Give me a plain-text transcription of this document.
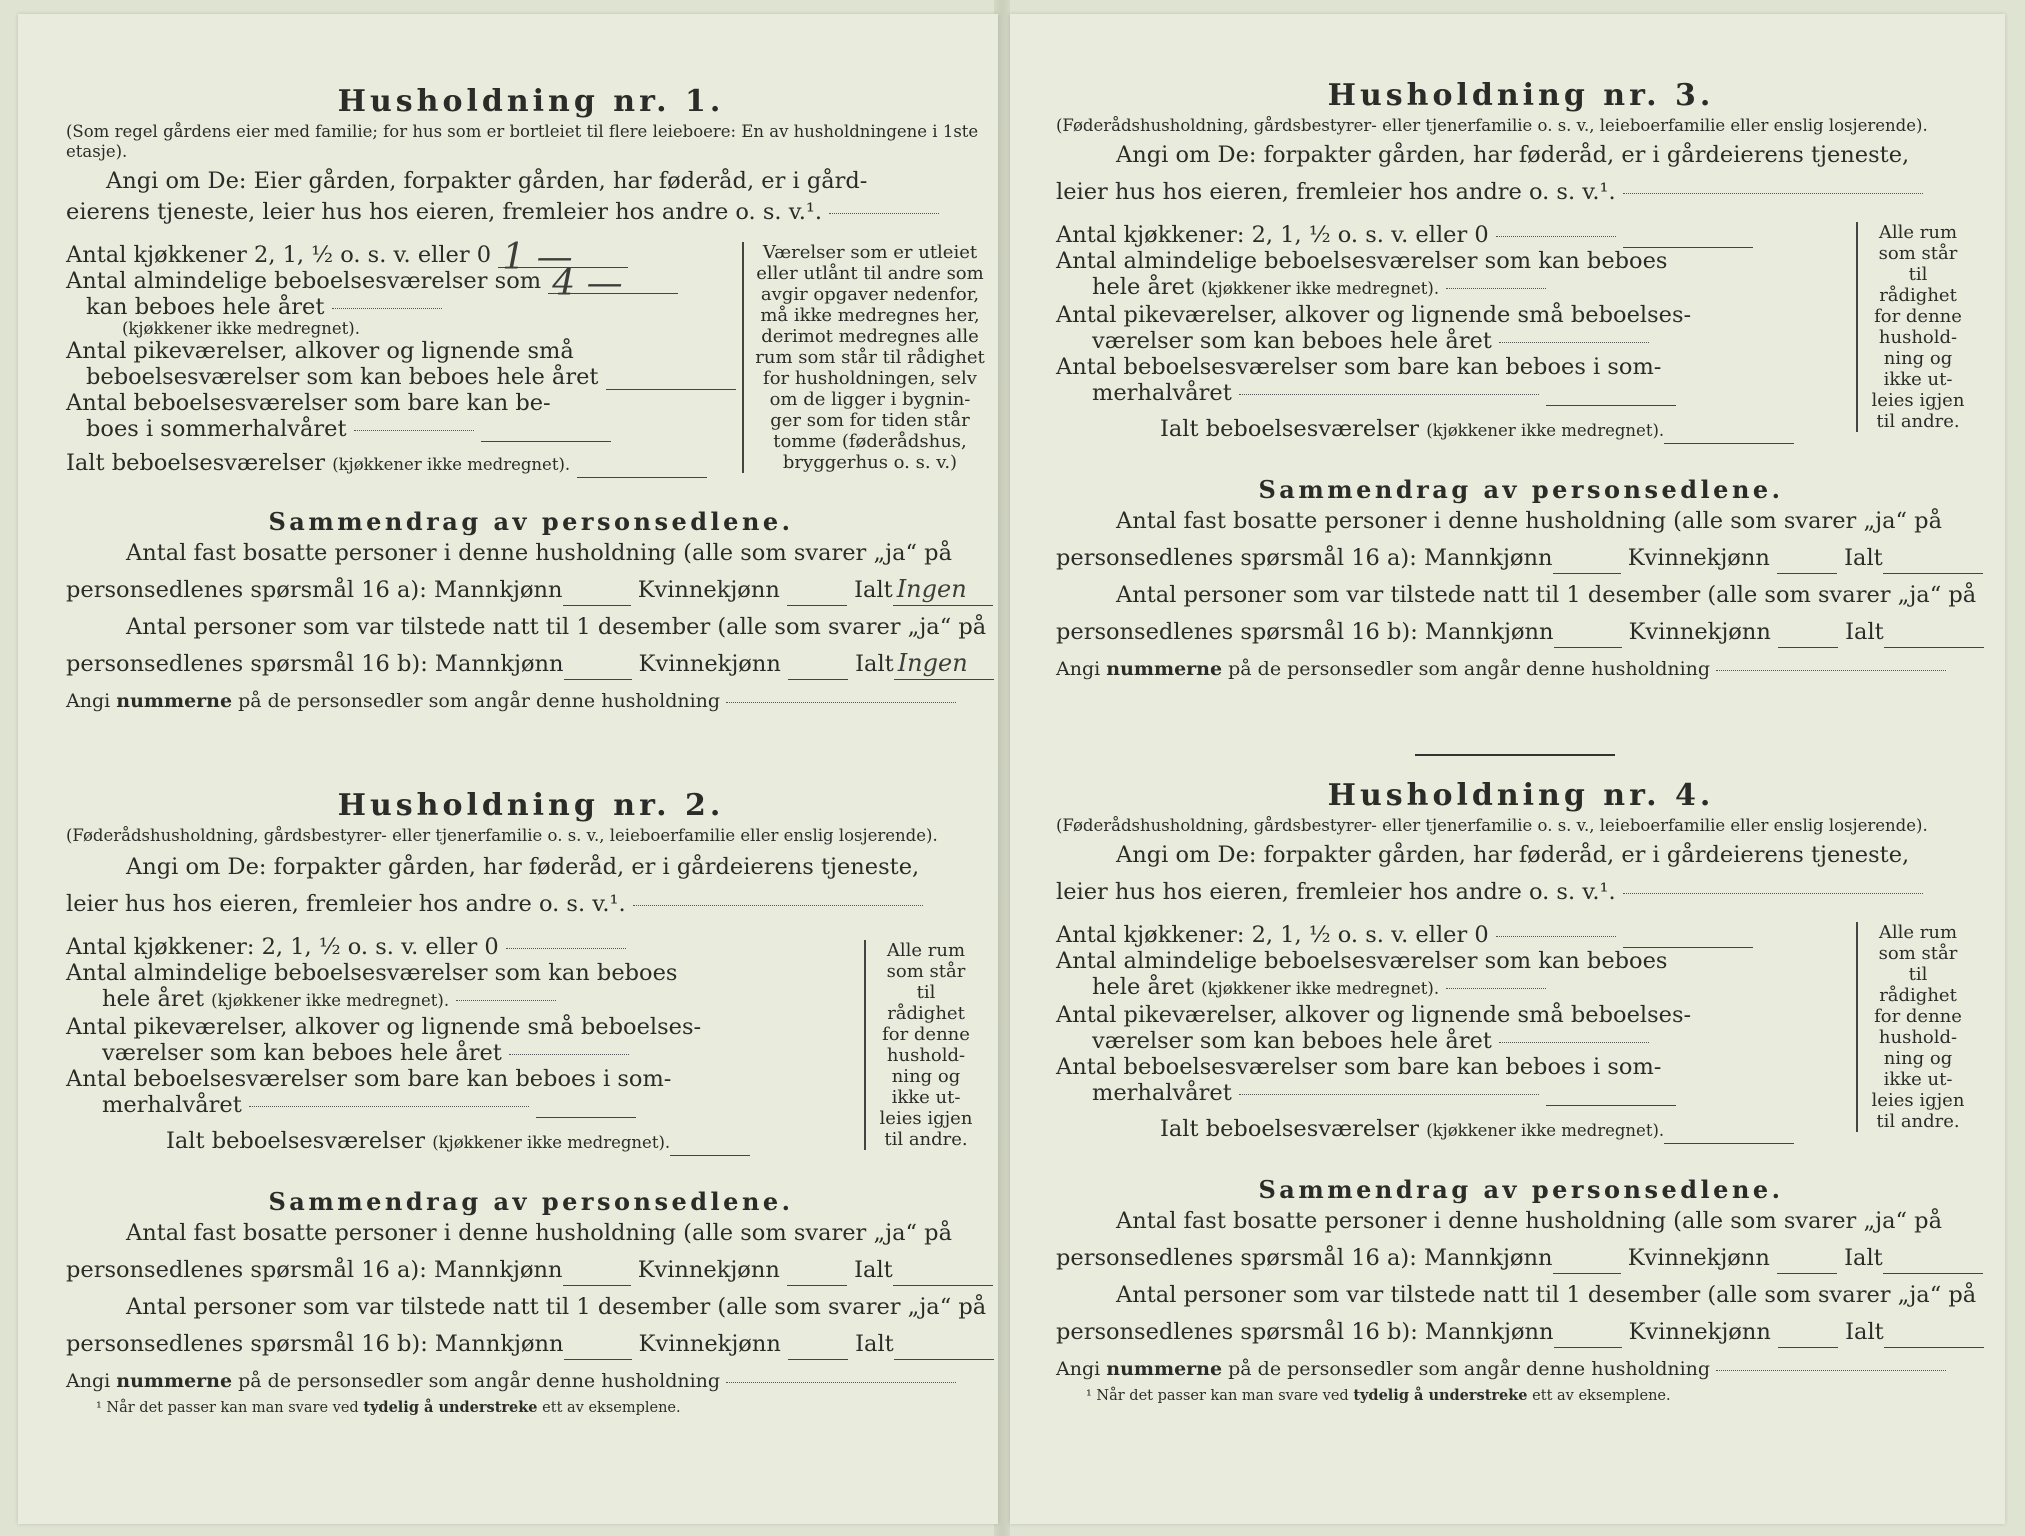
Husholdning nr. 1.
(Som regel gårdens eier med familie; for hus som er bortleiet til flere leieboere: En av husholdningene i 1ste etasje).
Angi om De: Eier gården, forpakter gården, har føderåd, er i gård-
eierens tjeneste, leier hus hos eieren, fremleier hos andre o. s. v.¹.
Antal kjøkkener 2, 1, ½ o. s. v. eller 0 1 —
Antal almindelige beboelsesværelser som 4 —
kan beboes hele året
(kjøkkener ikke medregnet).
Antal pikeværelser, alkover og lignende små
beboelsesværelser som kan beboes hele året
Antal beboelsesværelser som bare kan be-
boes i sommerhalvåret
Ialt beboelsesværelser (kjøkkener ikke medregnet).
Værelser som er utleiet
eller utlånt til andre som
avgir opgaver nedenfor,
må ikke medregnes her,
derimot medregnes alle
rum som står til rådighet
for husholdningen, selv
om de ligger i bygnin-
ger som for tiden står
tomme (føderådshus,
bryggerhus o. s. v.)
Sammendrag av personsedlene.
Antal fast bosatte personer i denne husholdning (alle som svarer „ja“ på
personsedlenes spørsmål 16 a): Mannkjønn	Kvinnekjønn	Ialt Ingen
Antal personer som var tilstede natt til 1 desember (alle som svarer „ja“ på
personsedlenes spørsmål 16 b): Mannkjønn	Kvinnekjønn	Ialt Ingen
Angi nummerne på de personsedler som angår denne husholdning
Husholdning nr. 2.
(Føderådshusholdning, gårdsbestyrer- eller tjenerfamilie o. s. v., leieboerfamilie eller enslig losjerende).
Angi om De: forpakter gården, har føderåd, er i gårdeierens tjeneste,
leier hus hos eieren, fremleier hos andre o. s. v.¹.
Antal kjøkkener: 2, 1, ½ o. s. v. eller 0
Antal almindelige beboelsesværelser som kan beboes
hele året (kjøkkener ikke medregnet).
Antal pikeværelser, alkover og lignende små beboelses-
værelser som kan beboes hele året
Antal beboelsesværelser som bare kan beboes i som-
merhalvåret
Ialt beboelsesværelser (kjøkkener ikke medregnet).
Alle rum
som står til
rådighet
for denne
hushold-
ning og
ikke ut-
leies igjen
til andre.
Sammendrag av personsedlene.
Antal fast bosatte personer i denne husholdning (alle som svarer „ja“ på
personsedlenes spørsmål 16 a): Mannkjønn	Kvinnekjønn	Ialt
Antal personer som var tilstede natt til 1 desember (alle som svarer „ja“ på
personsedlenes spørsmål 16 b): Mannkjønn	Kvinnekjønn	Ialt
Angi nummerne på de personsedler som angår denne husholdning
¹ Når det passer kan man svare ved tydelig å understreke ett av eksemplene.
Husholdning nr. 3.
(Føderådshusholdning, gårdsbestyrer- eller tjenerfamilie o. s. v., leieboerfamilie eller enslig losjerende).
Angi om De: forpakter gården, har føderåd, er i gårdeierens tjeneste,
leier hus hos eieren, fremleier hos andre o. s. v.¹.
Antal kjøkkener: 2, 1, ½ o. s. v. eller 0
Antal almindelige beboelsesværelser som kan beboes
hele året (kjøkkener ikke medregnet).
Antal pikeværelser, alkover og lignende små beboelses-
værelser som kan beboes hele året
Antal beboelsesværelser som bare kan beboes i som-
merhalvåret
Ialt beboelsesværelser (kjøkkener ikke medregnet).
Alle rum
som står til
rådighet
for denne
hushold-
ning og
ikke ut-
leies igjen
til andre.
Sammendrag av personsedlene.
Antal fast bosatte personer i denne husholdning (alle som svarer „ja“ på
personsedlenes spørsmål 16 a): Mannkjønn	Kvinnekjønn	Ialt
Antal personer som var tilstede natt til 1 desember (alle som svarer „ja“ på
personsedlenes spørsmål 16 b): Mannkjønn	Kvinnekjønn	Ialt
Angi nummerne på de personsedler som angår denne husholdning
Husholdning nr. 4.
(Føderådshusholdning, gårdsbestyrer- eller tjenerfamilie o. s. v., leieboerfamilie eller enslig losjerende).
Angi om De: forpakter gården, har føderåd, er i gårdeierens tjeneste,
leier hus hos eieren, fremleier hos andre o. s. v.¹.
Antal kjøkkener: 2, 1, ½ o. s. v. eller 0
Antal almindelige beboelsesværelser som kan beboes
hele året (kjøkkener ikke medregnet).
Antal pikeværelser, alkover og lignende små beboelses-
værelser som kan beboes hele året
Antal beboelsesværelser som bare kan beboes i som-
merhalvåret
Ialt beboelsesværelser (kjøkkener ikke medregnet).
Alle rum
som står til
rådighet
for denne
hushold-
ning og
ikke ut-
leies igjen
til andre.
Sammendrag av personsedlene.
Antal fast bosatte personer i denne husholdning (alle som svarer „ja“ på
personsedlenes spørsmål 16 a): Mannkjønn	Kvinnekjønn	Ialt
Antal personer som var tilstede natt til 1 desember (alle som svarer „ja“ på
personsedlenes spørsmål 16 b): Mannkjønn	Kvinnekjønn	Ialt
Angi nummerne på de personsedler som angår denne husholdning
¹ Når det passer kan man svare ved tydelig å understreke ett av eksemplene.
